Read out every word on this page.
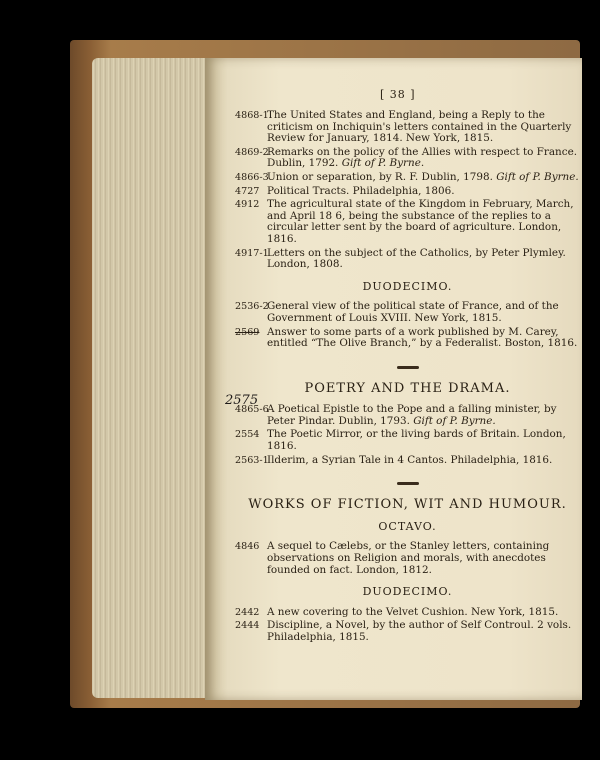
[ 38 ]
4868-1
The United States and England, being a Reply to the criticism on Inchiquin's letters contained in the Quarterly Review for January, 1814. New York, 1815.
4869-2
Remarks on the policy of the Allies with respect to France. Dublin, 1792. Gift of P. Byrne.
4866-3
Union or separation, by R. F. Dublin, 1798. Gift of P. Byrne.
4727 Political Tracts. Philadelphia, 1806.
4912 The agricultural state of the Kingdom in February, March, and April 18 6, being the substance of the replies to a circular letter sent by the board of agriculture. London, 1816.
4917-1
Letters on the subject of the Catholics, by Peter Plymley. London, 1808.
DUODECIMO.
2536-2
General view of the political state of France, and of the Government of Louis XVIII. New York, 1815.
2569 Answer to some parts of a work published by M. Carey, entitled “The Olive Branch,” by a Federalist. Boston, 1816.
POETRY AND THE DRAMA.
4865-6
A Poetical Epistle to the Pope and a falling minister, by Peter Pindar. Dublin, 1793. Gift of P. Byrne.
2554 The Poetic Mirror, or the living bards of Britain. London, 1816.
2563-1
Ilderim, a Syrian Tale in 4 Cantos. Philadelphia, 1816.
WORKS OF FICTION, WIT AND HUMOUR.
OCTAVO.
4846 A sequel to Cælebs, or the Stanley letters, containing observations on Religion and morals, with anecdotes founded on fact. London, 1812.
DUODECIMO.
2442 A new covering to the Velvet Cushion. New York, 1815.
2444 Discipline, a Novel, by the author of Self Controul. 2 vols. Philadelphia, 1815.
2575
